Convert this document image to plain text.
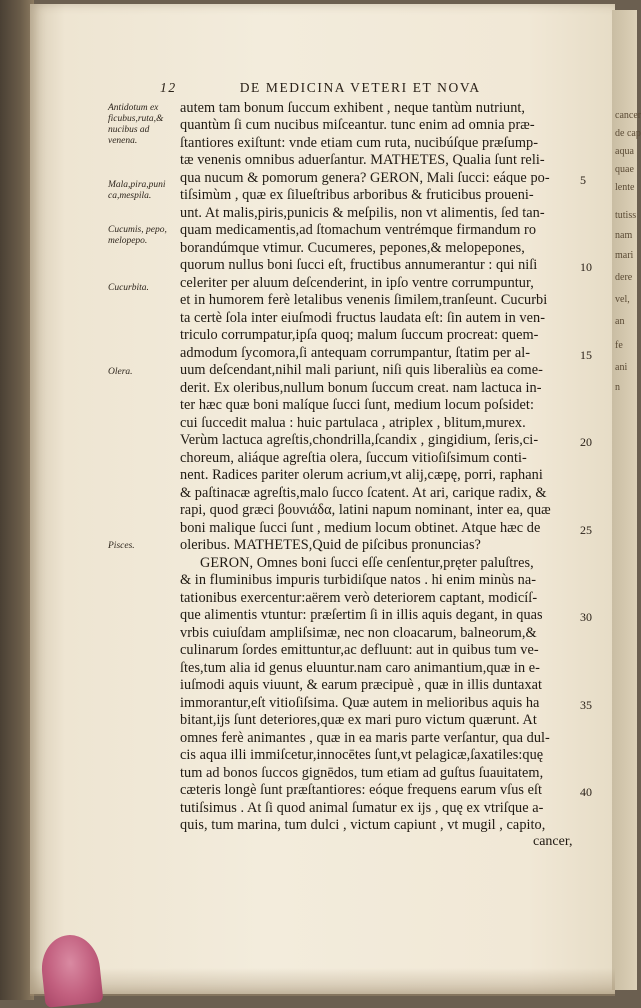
cancer
de cap
aqua
quae
lente
tutiss
nam
mari
dere
vel,
an
fe
ani
n
12	DE MEDICINA VETERI ET NOVA
Antidotum ex ficubus,ruta,& nucibus ad venena.
Mala,pira,puni ca,mespila.
Cucumis, pepo, melopepo.
Cucurbita.
Olera.
Pisces.
autem tam bonum ſuccum exhibent , neque tantùm nutriunt,
quantùm ſi cum nucibus miſceantur. tunc enim ad omnia præ-
ſtantiores exiſtunt: vnde etiam cum ruta, nucibúſque præſump-
tæ venenis omnibus aduerſantur. MATHETES, Qualia ſunt reli-
qua nucum & pomorum genera? GERON, Mali ſucci: eáque po-
tiſsimùm , quæ ex ſilueſtribus arboribus & fruticibus proueni-
unt. At malis,piris,punicis & meſpilis, non vt alimentis, ſed tan-
quam medicamentis,ad ſtomachum ventrémque firmandum ro
borandúmque vtimur. Cucumeres, pepones,& melopepones,
quorum nullus boni ſucci eſt, fructibus annumerantur : qui niſi
celeriter per aluum deſcenderint, in ipſo ventre corrumpuntur,
et in humorem ferè letalibus venenis ſimilem,tranſeunt. Cucurbi
ta certè ſola inter eiuſmodi fructus laudata eſt: ſin autem in ven-
triculo corrumpatur,ipſa quoq; malum ſuccum procreat: quem-
admodum ſycomora,ſi antequam corrumpantur, ſtatim per al-
uum deſcendant,nihil mali pariunt, niſi quis liberaliùs ea come-
derit. Ex oleribus,nullum bonum ſuccum creat. nam lactuca in-
ter hæc quæ boni malíque ſucci ſunt, medium locum poſsidet:
cui ſuccedit malua : huic partulaca , atriplex , blitum,murex.
Verùm lactuca agreſtis,chondrilla,ſcandix , gingidium, ſeris,ci-
choreum, aliáque agreſtia olera, ſuccum vitioſiſsimum conti-
nent. Radices pariter olerum acrium,vt alij,cæpę, porri, raphani
& paſtinacæ agreſtis,malo ſucco ſcatent. At ari, carique radix, &
rapi, quod græci βουνιάδα, latini napum nominant, inter ea, quæ
boni malique ſucci ſunt , medium locum obtinet. Atque hæc de
oleribus. MATHETES,Quid de piſcibus pronuncias?
GERON, Omnes boni ſucci eſſe cenſentur,pręter paluſtres,
& in fluminibus impuris turbidiſque natos . hi enim minùs na-
tationibus exercentur:aërem verò deteriorem captant, modicíſ-
que alimentis vtuntur: præſertim ſi in illis aquis degant, in quas
vrbis cuiuſdam ampliſsimæ, nec non cloacarum, balneorum,&
culinarum ſordes emittuntur,ac defluunt: aut in quibus tum ve-
ſtes,tum alia id genus eluuntur.nam caro animantium,quæ in e-
iuſmodi aquis viuunt, & earum præcipuè , quæ in illis duntaxat
immorantur,eſt vitioſiſsima. Quæ autem in melioribus aquis ha
bitant,ijs ſunt deteriores,quæ ex mari puro victum quærunt. At
omnes ferè animantes , quæ in ea maris parte verſantur, qua dul-
cis aqua illi immiſcetur,innocētes ſunt,vt pelagicæ,ſaxatiles:quę
tum ad bonos ſuccos gignēdos, tum etiam ad guſtus ſuauitatem,
cæteris longè ſunt præſtantiores: eóque frequens earum vſus eſt
tutiſsimus . At ſi quod animal ſumatur ex ijs , quę ex vtriſque a-
quis, tum marina, tum dulci , victum capiunt , vt mugil , capito,
cancer,
5
10
15
20
25
30
35
40
